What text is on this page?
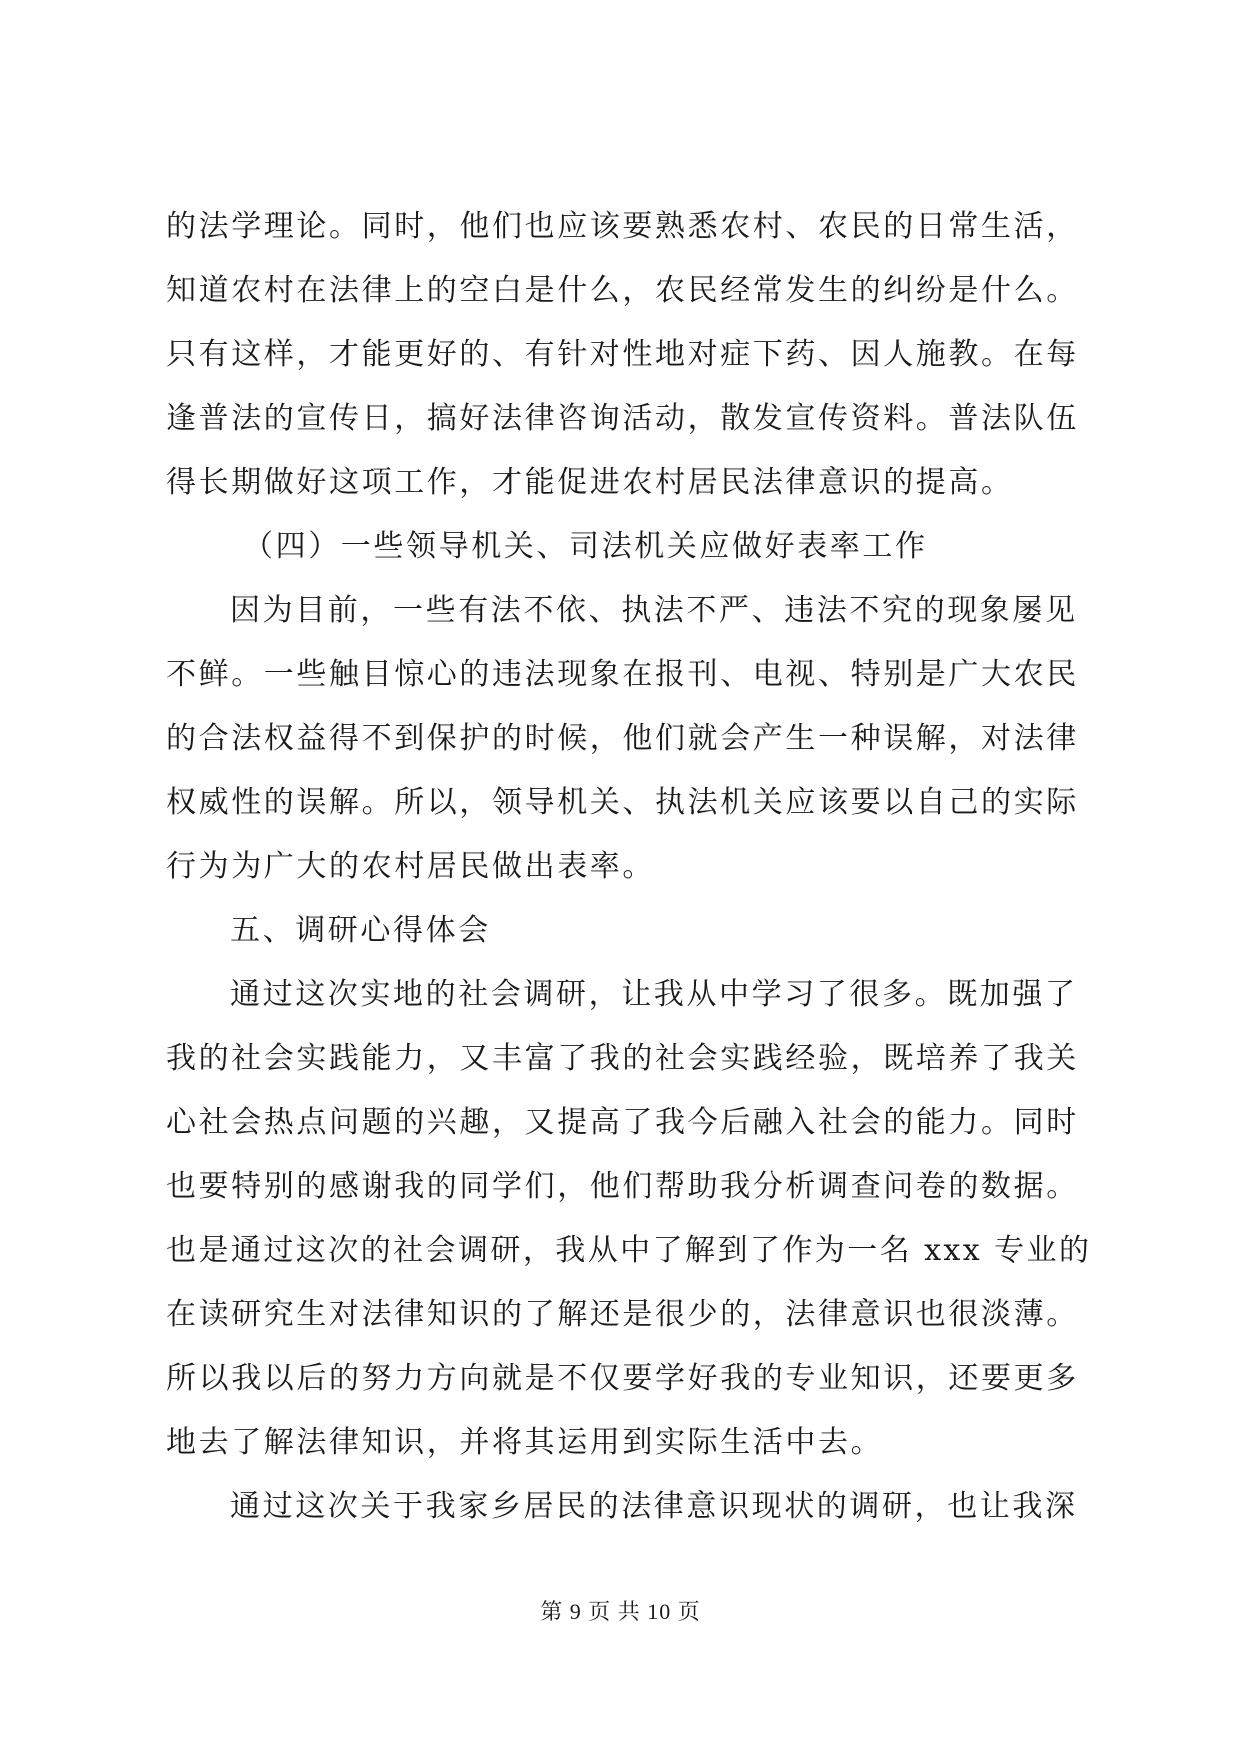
的法学理论。同时，他们也应该要熟悉农村、农民的日常生活，
知道农村在法律上的空白是什么，农民经常发生的纠纷是什么。
只有这样，才能更好的、有针对性地对症下药、因人施教。在每
逢普法的宣传日，搞好法律咨询活动，散发宣传资料。普法队伍
得长期做好这项工作，才能促进农村居民法律意识的提高。
（四）一些领导机关、司法机关应做好表率工作
因为目前，一些有法不依、执法不严、违法不究的现象屡见
不鲜。一些触目惊心的违法现象在报刊、电视、特别是广大农民
的合法权益得不到保护的时候，他们就会产生一种误解，对法律
权威性的误解。所以，领导机关、执法机关应该要以自己的实际
行为为广大的农村居民做出表率。
五、调研心得体会
通过这次实地的社会调研，让我从中学习了很多。既加强了
我的社会实践能力，又丰富了我的社会实践经验，既培养了我关
心社会热点问题的兴趣，又提高了我今后融入社会的能力。同时
也要特别的感谢我的同学们，他们帮助我分析调查问卷的数据。
也是通过这次的社会调研，我从中了解到了作为一名 xxx 专业的
在读研究生对法律知识的了解还是很少的，法律意识也很淡薄。
所以我以后的努力方向就是不仅要学好我的专业知识，还要更多
地去了解法律知识，并将其运用到实际生活中去。
通过这次关于我家乡居民的法律意识现状的调研，也让我深
第 9 页 共 10 页
